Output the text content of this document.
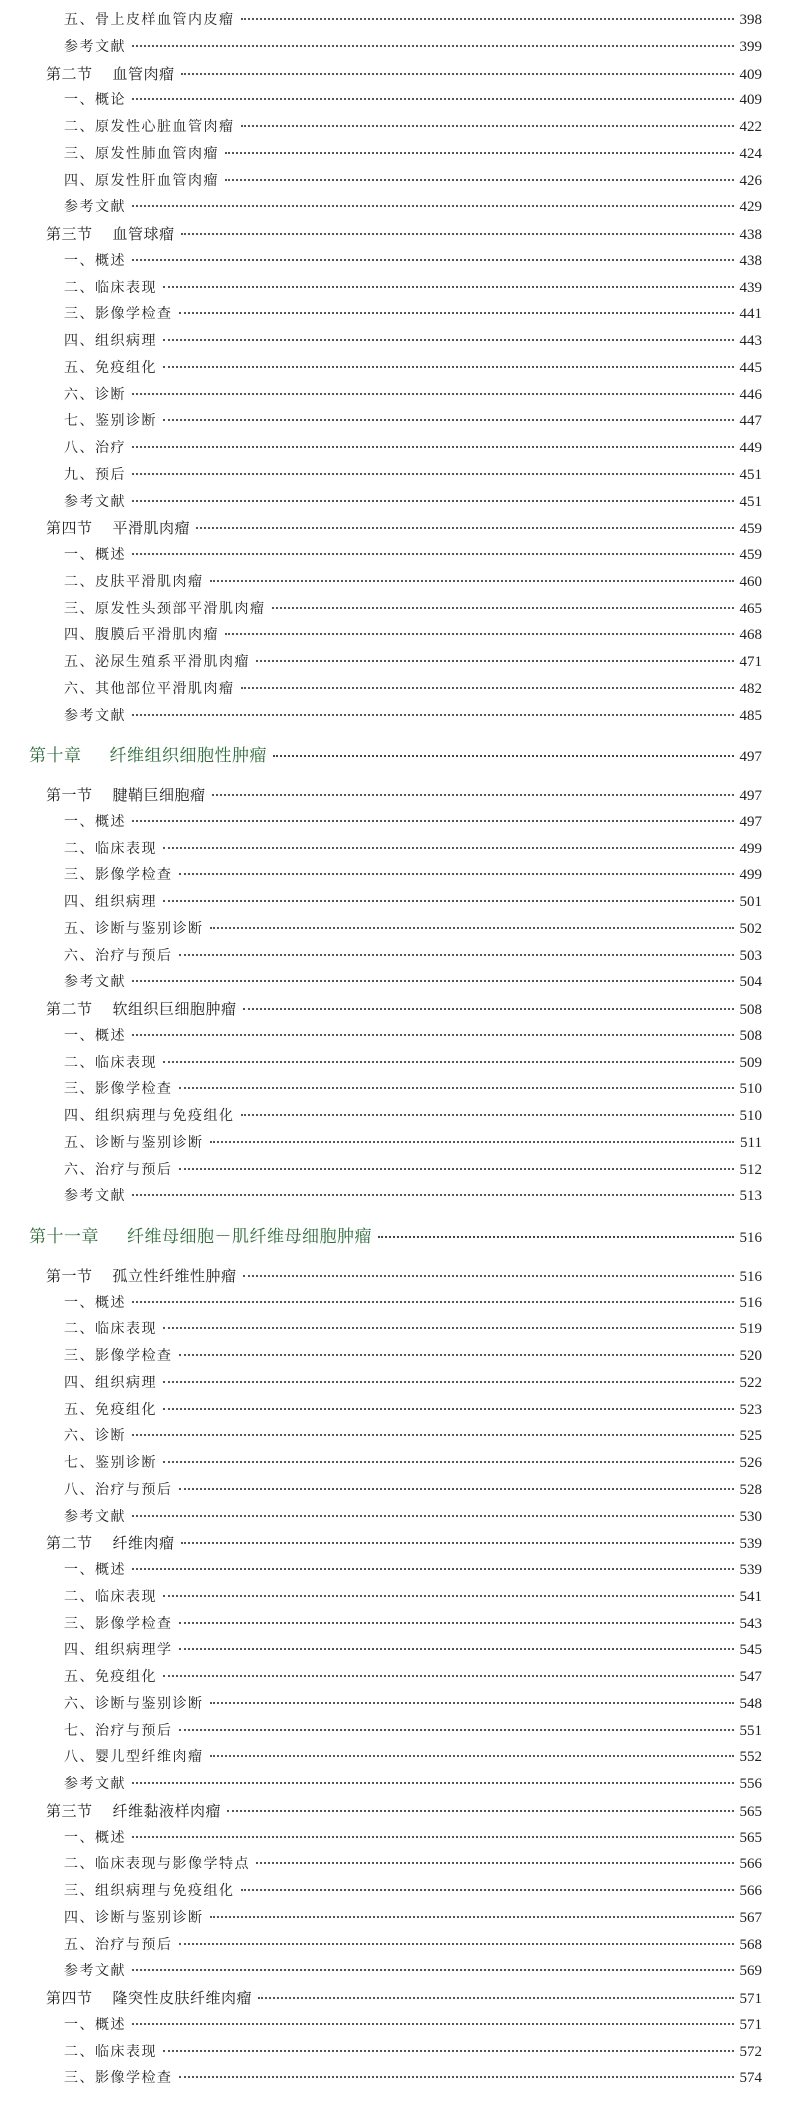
五、骨上皮样血管内皮瘤	398
参考文献	399
第二节 血管肉瘤	409
一、概论	409
二、原发性心脏血管肉瘤	422
三、原发性肺血管肉瘤	424
四、原发性肝血管肉瘤	426
参考文献	429
第三节 血管球瘤	438
一、概述	438
二、临床表现	439
三、影像学检查	441
四、组织病理	443
五、免疫组化	445
六、诊断	446
七、鉴别诊断	447
八、治疗	449
九、预后	451
参考文献	451
第四节 平滑肌肉瘤	459
一、概述	459
二、皮肤平滑肌肉瘤	460
三、原发性头颈部平滑肌肉瘤	465
四、腹膜后平滑肌肉瘤	468
五、泌尿生殖系平滑肌肉瘤	471
六、其他部位平滑肌肉瘤	482
参考文献	485
第十章 纤维组织细胞性肿瘤	497
第一节 腱鞘巨细胞瘤	497
一、概述	497
二、临床表现	499
三、影像学检查	499
四、组织病理	501
五、诊断与鉴别诊断	502
六、治疗与预后	503
参考文献	504
第二节 软组织巨细胞肿瘤	508
一、概述	508
二、临床表现	509
三、影像学检查	510
四、组织病理与免疫组化	510
五、诊断与鉴别诊断	511
六、治疗与预后	512
参考文献	513
第十一章 纤维母细胞－肌纤维母细胞肿瘤	516
第一节 孤立性纤维性肿瘤	516
一、概述	516
二、临床表现	519
三、影像学检查	520
四、组织病理	522
五、免疫组化	523
六、诊断	525
七、鉴别诊断	526
八、治疗与预后	528
参考文献	530
第二节 纤维肉瘤	539
一、概述	539
二、临床表现	541
三、影像学检查	543
四、组织病理学	545
五、免疫组化	547
六、诊断与鉴别诊断	548
七、治疗与预后	551
八、婴儿型纤维肉瘤	552
参考文献	556
第三节 纤维黏液样肉瘤	565
一、概述	565
二、临床表现与影像学特点	566
三、组织病理与免疫组化	566
四、诊断与鉴别诊断	567
五、治疗与预后	568
参考文献	569
第四节 隆突性皮肤纤维肉瘤	571
一、概述	571
二、临床表现	572
三、影像学检查	574
